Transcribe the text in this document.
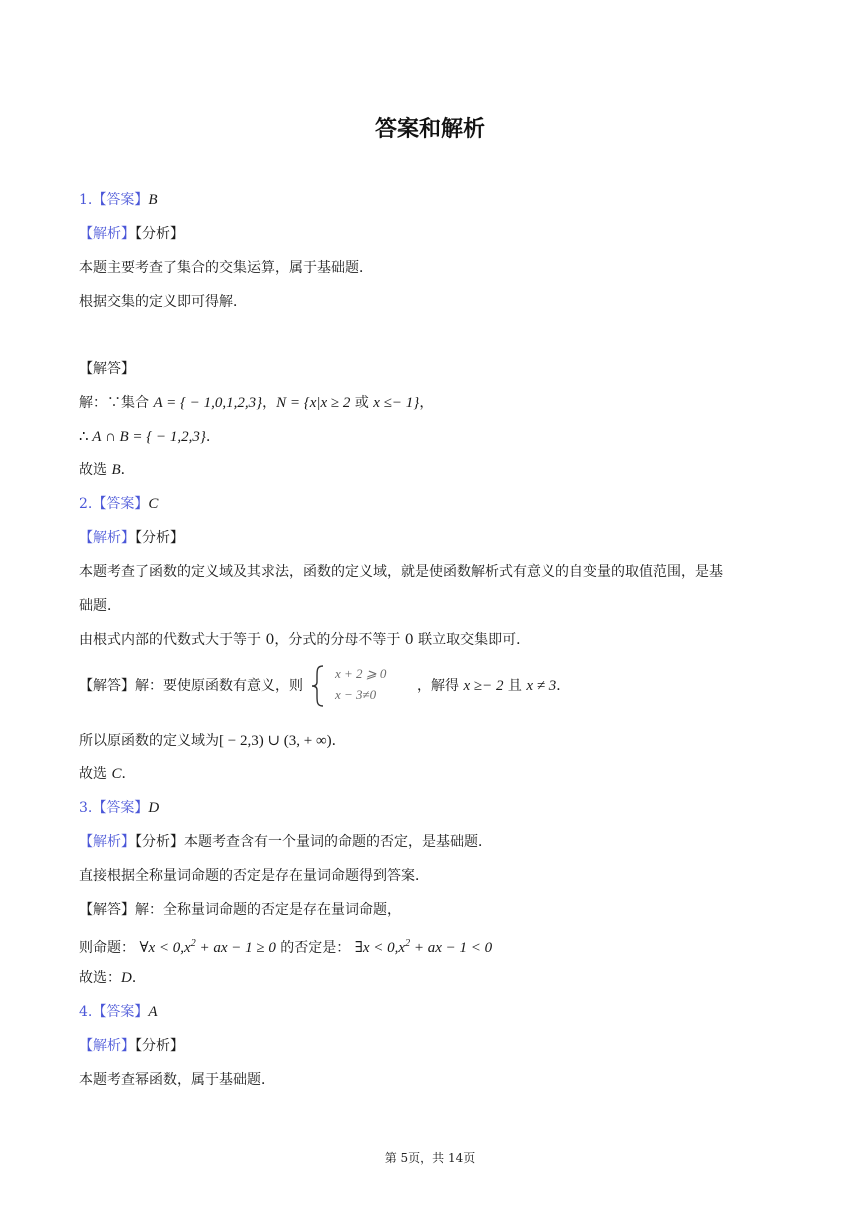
答案和解析
1.【答案】B
【解析】【分析】
本题主要考查了集合的交集运算，属于基础题．
根据交集的定义即可得解．
【解答】
解：∵集合 A = { − 1,0,1,2,3}，N = {x|x ≥ 2 或 x ≤− 1}，
∴ A ∩ B = { − 1,2,3}．
故选 B．
2.【答案】C
【解析】【分析】
本题考查了函数的定义域及其求法，函数的定义域，就是使函数解析式有意义的自变量的取值范围，是基
础题．
由根式内部的代数式大于等于 0，分式的分母不等于 0 联立取交集即可．
【解答】解：要使原函数有意义，则
x + 2 ⩾ 0
x − 3≠0
，解得 x ≥− 2 且 x ≠ 3．
所以原函数的定义域为[ − 2,3) ∪ (3, + ∞)．
故选 C．
3.【答案】D
【解析】【分析】本题考查含有一个量词的命题的否定，是基础题．
直接根据全称量词命题的否定是存在量词命题得到答案．
【解答】解：全称量词命题的否定是存在量词命题，
则命题： ∀x < $0,x^2$ + ax − 1 ≥ 0 的否定是： ∃x < $0,x^2$ + ax − 1 < 0
故选：D．
4.【答案】A
【解析】【分析】
本题考查幂函数，属于基础题．
第 5页，共 14页
